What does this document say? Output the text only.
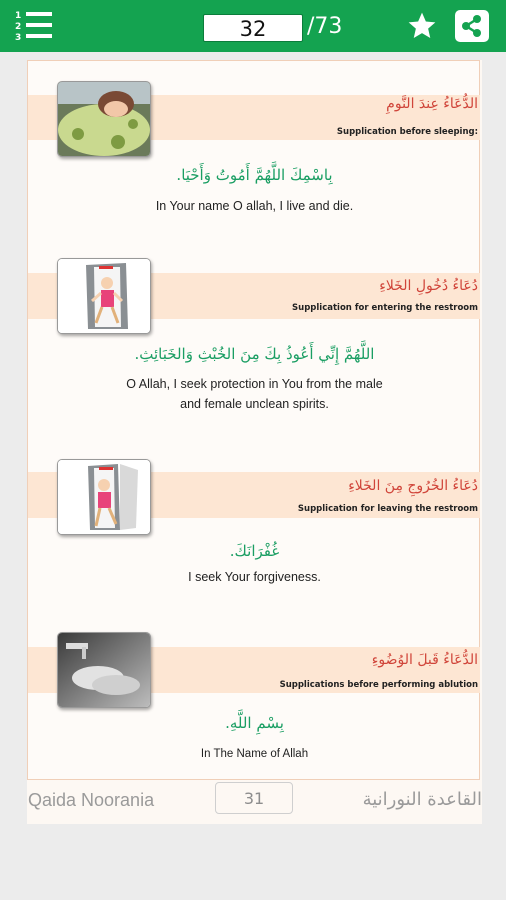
1
2
3	32	/73
الدُّعَاءُ عِندَ النَّومِ
Supplication before sleeping:
بِاسْمِكَ اللَّهُمَّ أَمُوتُ وَأَحْيَا.
In Your name O allah, I live and die.
دُعَاءُ دُخُولِ الخَلاءِ
Supplication for entering the restroom
اللَّهُمَّ إِنِّي أَعُوذُ بِكَ مِنَ الخُبْثِ وَالخَبَائِثِ.
O Allah, I seek protection in You from the male and female unclean spirits.
دُعَاءُ الخُرُوجِ مِنَ الخَلاءِ
Supplication for leaving the restroom
غُفْرَانَكَ.
I seek Your forgiveness.
الدُّعَاءُ قَبلَ الوُضُوءِ
Supplications before performing ablution
بِسْمِ اللَّهِ.
In The Name of Allah
Qaida Noorania	31	القاعدة النورانية
